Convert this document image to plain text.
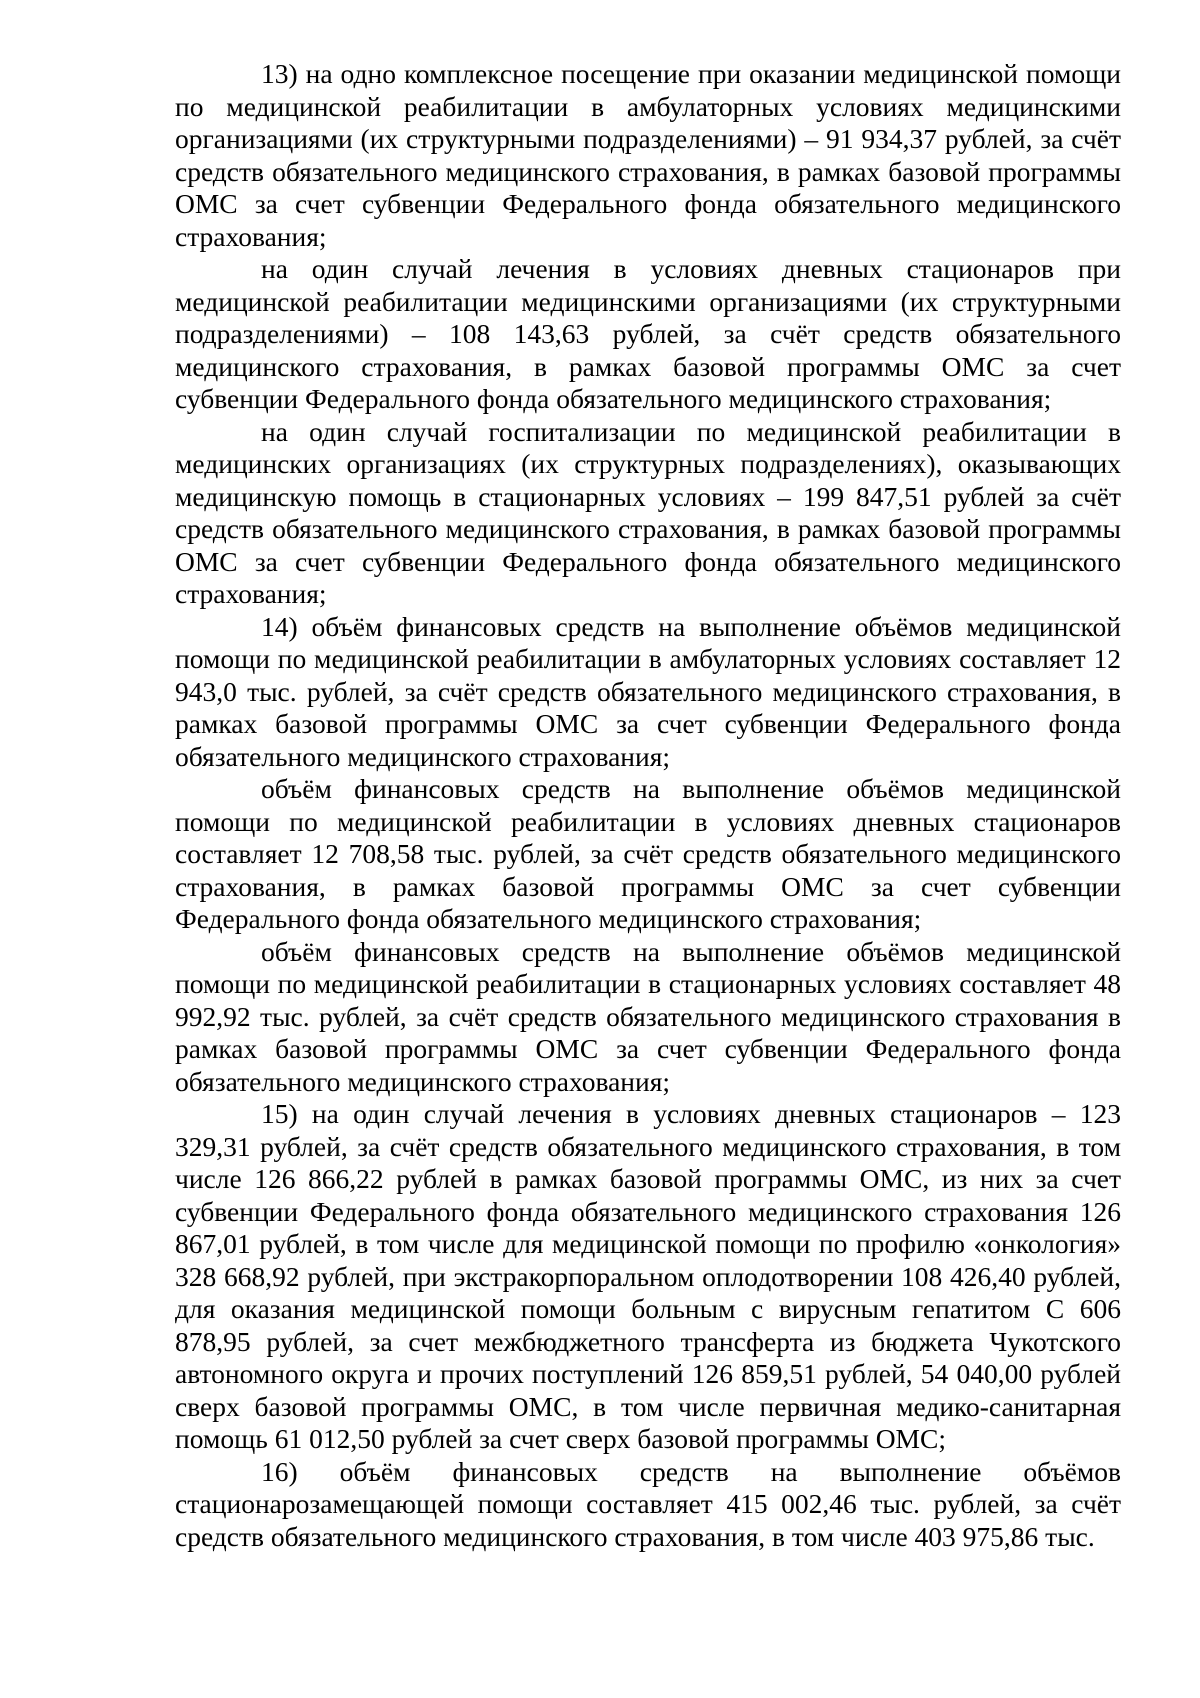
13) на одно комплексное посещение при оказании медицинской помощи по медицинской реабилитации в амбулаторных условиях медицинскими организациями (их структурными подразделениями) – 91 934,37 рублей, за счёт средств обязательного медицинского страхования, в рамках базовой программы ОМС за счет субвенции Федерального фонда обязательного медицинского страхования;

на один случай лечения в условиях дневных стационаров при медицинской реабилитации медицинскими организациями (их структурными подразделениями) – 108 143,63 рублей, за счёт средств обязательного медицинского страхования, в рамках базовой программы ОМС за счет субвенции Федерального фонда обязательного медицинского страхования;

на один случай госпитализации по медицинской реабилитации в медицинских организациях (их структурных подразделениях), оказывающих медицинскую помощь в стационарных условиях – 199 847,51 рублей за счёт средств обязательного медицинского страхования, в рамках базовой программы ОМС за счет субвенции Федерального фонда обязательного медицинского страхования;

14) объём финансовых средств на выполнение объёмов медицинской помощи по медицинской реабилитации в амбулаторных условиях составляет 12 943,0 тыс. рублей, за счёт средств обязательного медицинского страхования, в рамках базовой программы ОМС за счет субвенции Федерального фонда обязательного медицинского страхования;

объём финансовых средств на выполнение объёмов медицинской помощи по медицинской реабилитации в условиях дневных стационаров составляет 12 708,58 тыс. рублей, за счёт средств обязательного медицинского страхования, в рамках базовой программы ОМС за счет субвенции Федерального фонда обязательного медицинского страхования;

объём финансовых средств на выполнение объёмов медицинской помощи по медицинской реабилитации в стационарных условиях составляет 48 992,92 тыс. рублей, за счёт средств обязательного медицинского страхования в рамках базовой программы ОМС за счет субвенции Федерального фонда обязательного медицинского страхования;

15) на один случай лечения в условиях дневных стационаров – 123 329,31 рублей, за счёт средств обязательного медицинского страхования, в том числе 126 866,22 рублей в рамках базовой программы ОМС, из них за счет субвенции Федерального фонда обязательного медицинского страхования 126 867,01 рублей, в том числе для медицинской помощи по профилю «онкология» 328 668,92 рублей, при экстракорпоральном оплодотворении 108 426,40 рублей, для оказания медицинской помощи больным с вирусным гепатитом С 606 878,95 рублей, за счет межбюджетного трансферта из бюджета Чукотского автономного округа и прочих поступлений 126 859,51 рублей, 54 040,00 рублей сверх базовой программы ОМС, в том числе первичная медико-санитарная помощь 61 012,50 рублей за счет сверх базовой программы ОМС;

16) объём финансовых средств на выполнение объёмов стационарозамещающей помощи составляет 415 002,46 тыс. рублей, за счёт средств обязательного медицинского страхования, в том числе 403 975,86 тыс.
